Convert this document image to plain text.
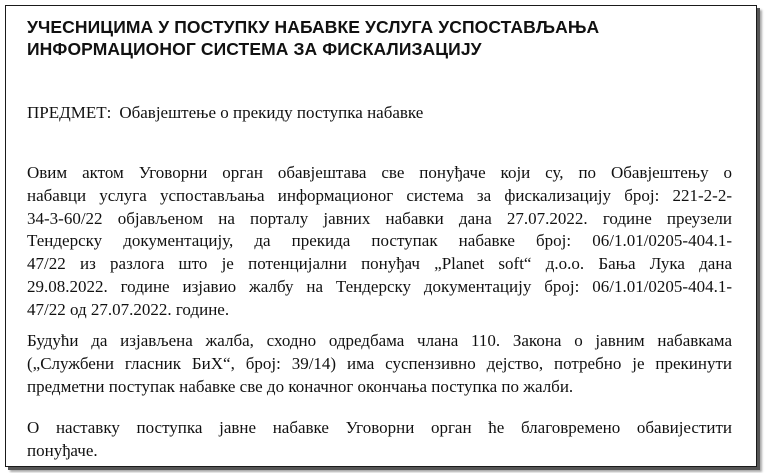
УЧЕСНИЦИМА У ПОСТУПКУ НАБАВКЕ УСЛУГА УСПОСТАВЉАЊА
ИНФОРМАЦИОНОГ СИСТЕМА ЗА ФИСКАЛИЗАЦИЈУ
ПРЕДМЕТ: Обавјештење о прекиду поступка набавке
Овим актом Уговорни орган обавјештава све понуђаче који су, по Обавјештењу о
набавци услуга успостављања информационог система за фискализацију број: 221-2-2-
34-3-60/22 објављеном на порталу јавних набавки дана 27.07.2022. године преузели
Тендерску документацију, да прекида поступак набавке број: 06/1.01/0205-404.1-
47/22 из разлога што је потенцијални понуђач „Planet soft“ д.о.о. Бања Лука дана
29.08.2022. године изјавио жалбу на Тендерску документацију број: 06/1.01/0205-404.1-
47/22 од 27.07.2022. године.
Будући да изјављена жалба, сходно одредбама члана 110. Закона о јавним набавкама
(„Службени гласник БиХ“, број: 39/14) има суспензивно дејство, потребно је прекинути
предметни поступак набавке све до коначног окончања поступка по жалби.
О наставку поступка јавне набавке Уговорни орган ће благовремено обавијестити
понуђаче.
